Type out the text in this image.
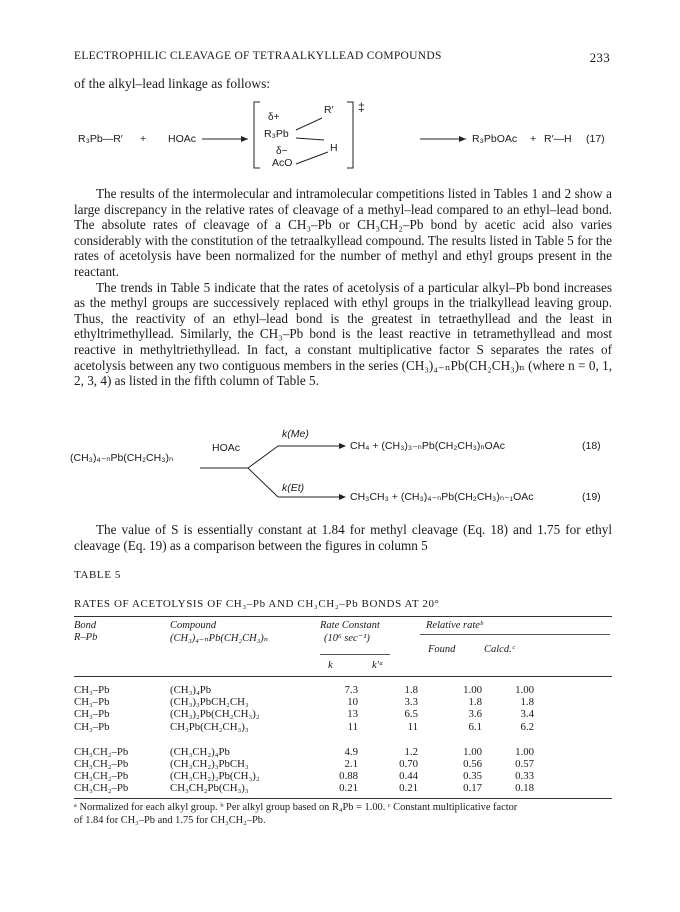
ELECTROPHILIC CLEAVAGE OF TETRAALKYLLEAD COMPOUNDS	233
of the alkyl–lead linkage as follows:
R₃Pb—R′ + HOAc
δ+
R′
R₃Pb
H
δ−
AcO
‡
R₃PbOAc + R′—H (17)

The results of the intermolecular and intramolecular competitions listed in Tables 1 and 2 show a large discrepancy in the relative rates of cleavage of a methyl–lead compared to an ethyl–lead bond. The absolute rates of cleavage of a CH₃–Pb or CH₃CH₂–Pb bond by acetic acid also varies considerably with the constitution of the tetraalkyllead compound. The results listed in Table 5 for the rates of acetolysis have been normalized for the number of methyl and ethyl groups present in the reactant.

The trends in Table 5 indicate that the rates of acetolysis of a particular alkyl–Pb bond increases as the methyl groups are successively replaced with ethyl groups in the trialkyllead leaving group. Thus, the reactivity of an ethyl–lead bond is the greatest in tetraethyllead and the least in ethyltrimethyllead. Similarly, the CH₃–Pb bond is the least reactive in tetramethyllead and most reactive in methyltriethyllead. In fact, a constant multiplicative factor S separates the rates of acetolysis between any two contiguous members in the series (CH₃)₄₋ₙPb(CH₂CH₃)ₙ (where n = 0, 1, 2, 3, 4) as listed in the fifth column of Table 5.

(CH₃)₄₋ₙPb(CH₂CH₃)ₙ
HOAc
k(Me)
k(Et)
CH₄ + (CH₃)₃₋ₙPb(CH₂CH₃)ₙOAc	(18)
CH₃CH₃ + (CH₃)₄₋ₙPb(CH₂CH₃)ₙ₋₁OAc	(19)

The value of S is essentially constant at 1.84 for methyl cleavage (Eq. 18) and 1.75 for ethyl cleavage (Eq. 19) as a comparison between the figures in column 5

TABLE 5
RATES OF ACETOLYSIS OF CH₃–Pb AND CH₃CH₂–Pb BONDS AT 20°
Bond
R–Pb
Compound
(CH₃)₄₋ₙPb(CH₂CH₃)ₙ
Rate Constant
(10⁶ sec⁻¹)
Relative rateᵇ
Found	Calcd.ᶜ
k	k′ᵃ
CH₃–Pb	(CH₃)₄Pb	7.3	1.8	1.00	1.00
CH₃–Pb	(CH₃)₃PbCH₂CH₃	10	3.3	1.8	1.8
CH₃–Pb	(CH₃)₂Pb(CH₂CH₃)₂	13	6.5	3.6	3.4
CH₃–Pb	CH₃Pb(CH₂CH₃)₃	11	11	6.1	6.2

CH₃CH₂–Pb	(CH₃CH₂)₄Pb	4.9	1.2	1.00	1.00
CH₃CH₂–Pb	(CH₃CH₂)₃PbCH₃	2.1	0.70	0.56	0.57
CH₃CH₂–Pb	(CH₃CH₂)₂Pb(CH₃)₂	0.88	0.44	0.35	0.33
CH₃CH₂–Pb	CH₃CH₂Pb(CH₃)₃	0.21	0.21	0.17	0.18
ᵃ Normalized for each alkyl group. ᵇ Per alkyl group based on R₄Pb = 1.00. ᶜ Constant multiplicative factor
of 1.84 for CH₃–Pb and 1.75 for CH₃CH₂–Pb.
